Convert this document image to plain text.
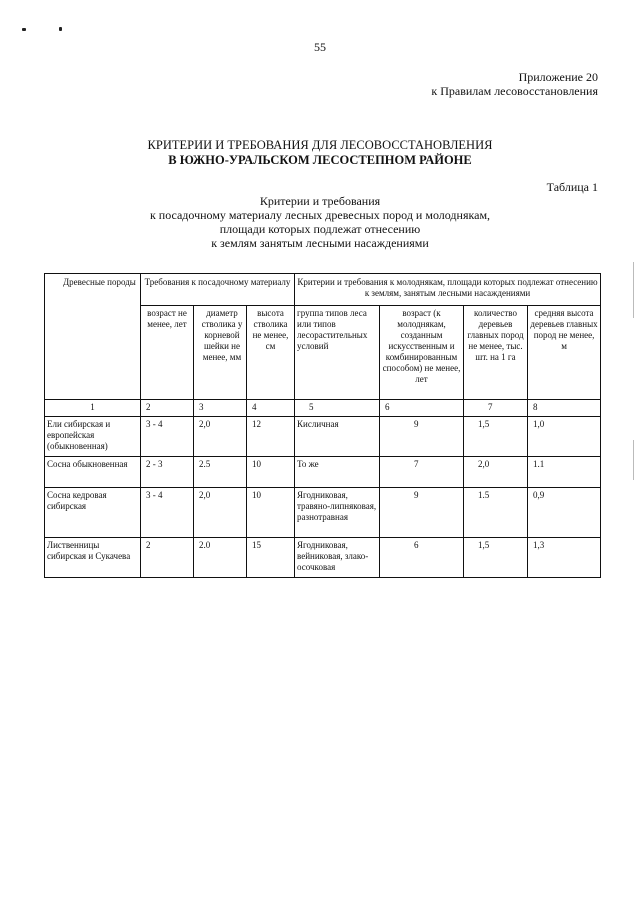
55
Приложение 20
к Правилам лесовосстановления
КРИТЕРИИ И ТРЕБОВАНИЯ ДЛЯ ЛЕСОВОССТАНОВЛЕНИЯ
В ЮЖНО-УРАЛЬСКОМ ЛЕСОСТЕПНОМ РАЙОНЕ
Таблица 1
Критерии и требования
к посадочному материалу лесных древесных пород и молоднякам,
площади которых подлежат отнесению
к землям занятым лесными насаждениями
Древесные породы	Требования к посадочному материалу			Критерии и требования к молоднякам, площади которых подлежат отнесению к землям, занятым лесными насаждениями			
	возраст не менее, лет	диаметр стволика у корневой шейки не менее, мм	высота стволика не менее, см	группа типов леса или типов лесорастительных условий	возраст (к молоднякам, созданным искусственным и комбинированным способом) не менее, лет	количество деревьев главных пород не менее, тыс. шт. на 1 га	средняя высота деревьев главных пород не менее, м
1	2	3	4	5	6	7	8
Ели сибирская и европейская (обыкновенная)	3 - 4	2,0	12	Кисличная	9	1,5	1,0
Сосна обыкновенная	2 - 3	2.5	10	То же	7	2,0	1.1
Сосна кедровая сибирская	3 - 4	2,0	10	Ягодниковая, травяно-липняковая, разнотравная	9	1.5	0,9
Лиственницы сибирская и Сукачева	2	2.0	15	Ягодниковая, вейниковая, злако-осочковая	6	1,5	1,3
